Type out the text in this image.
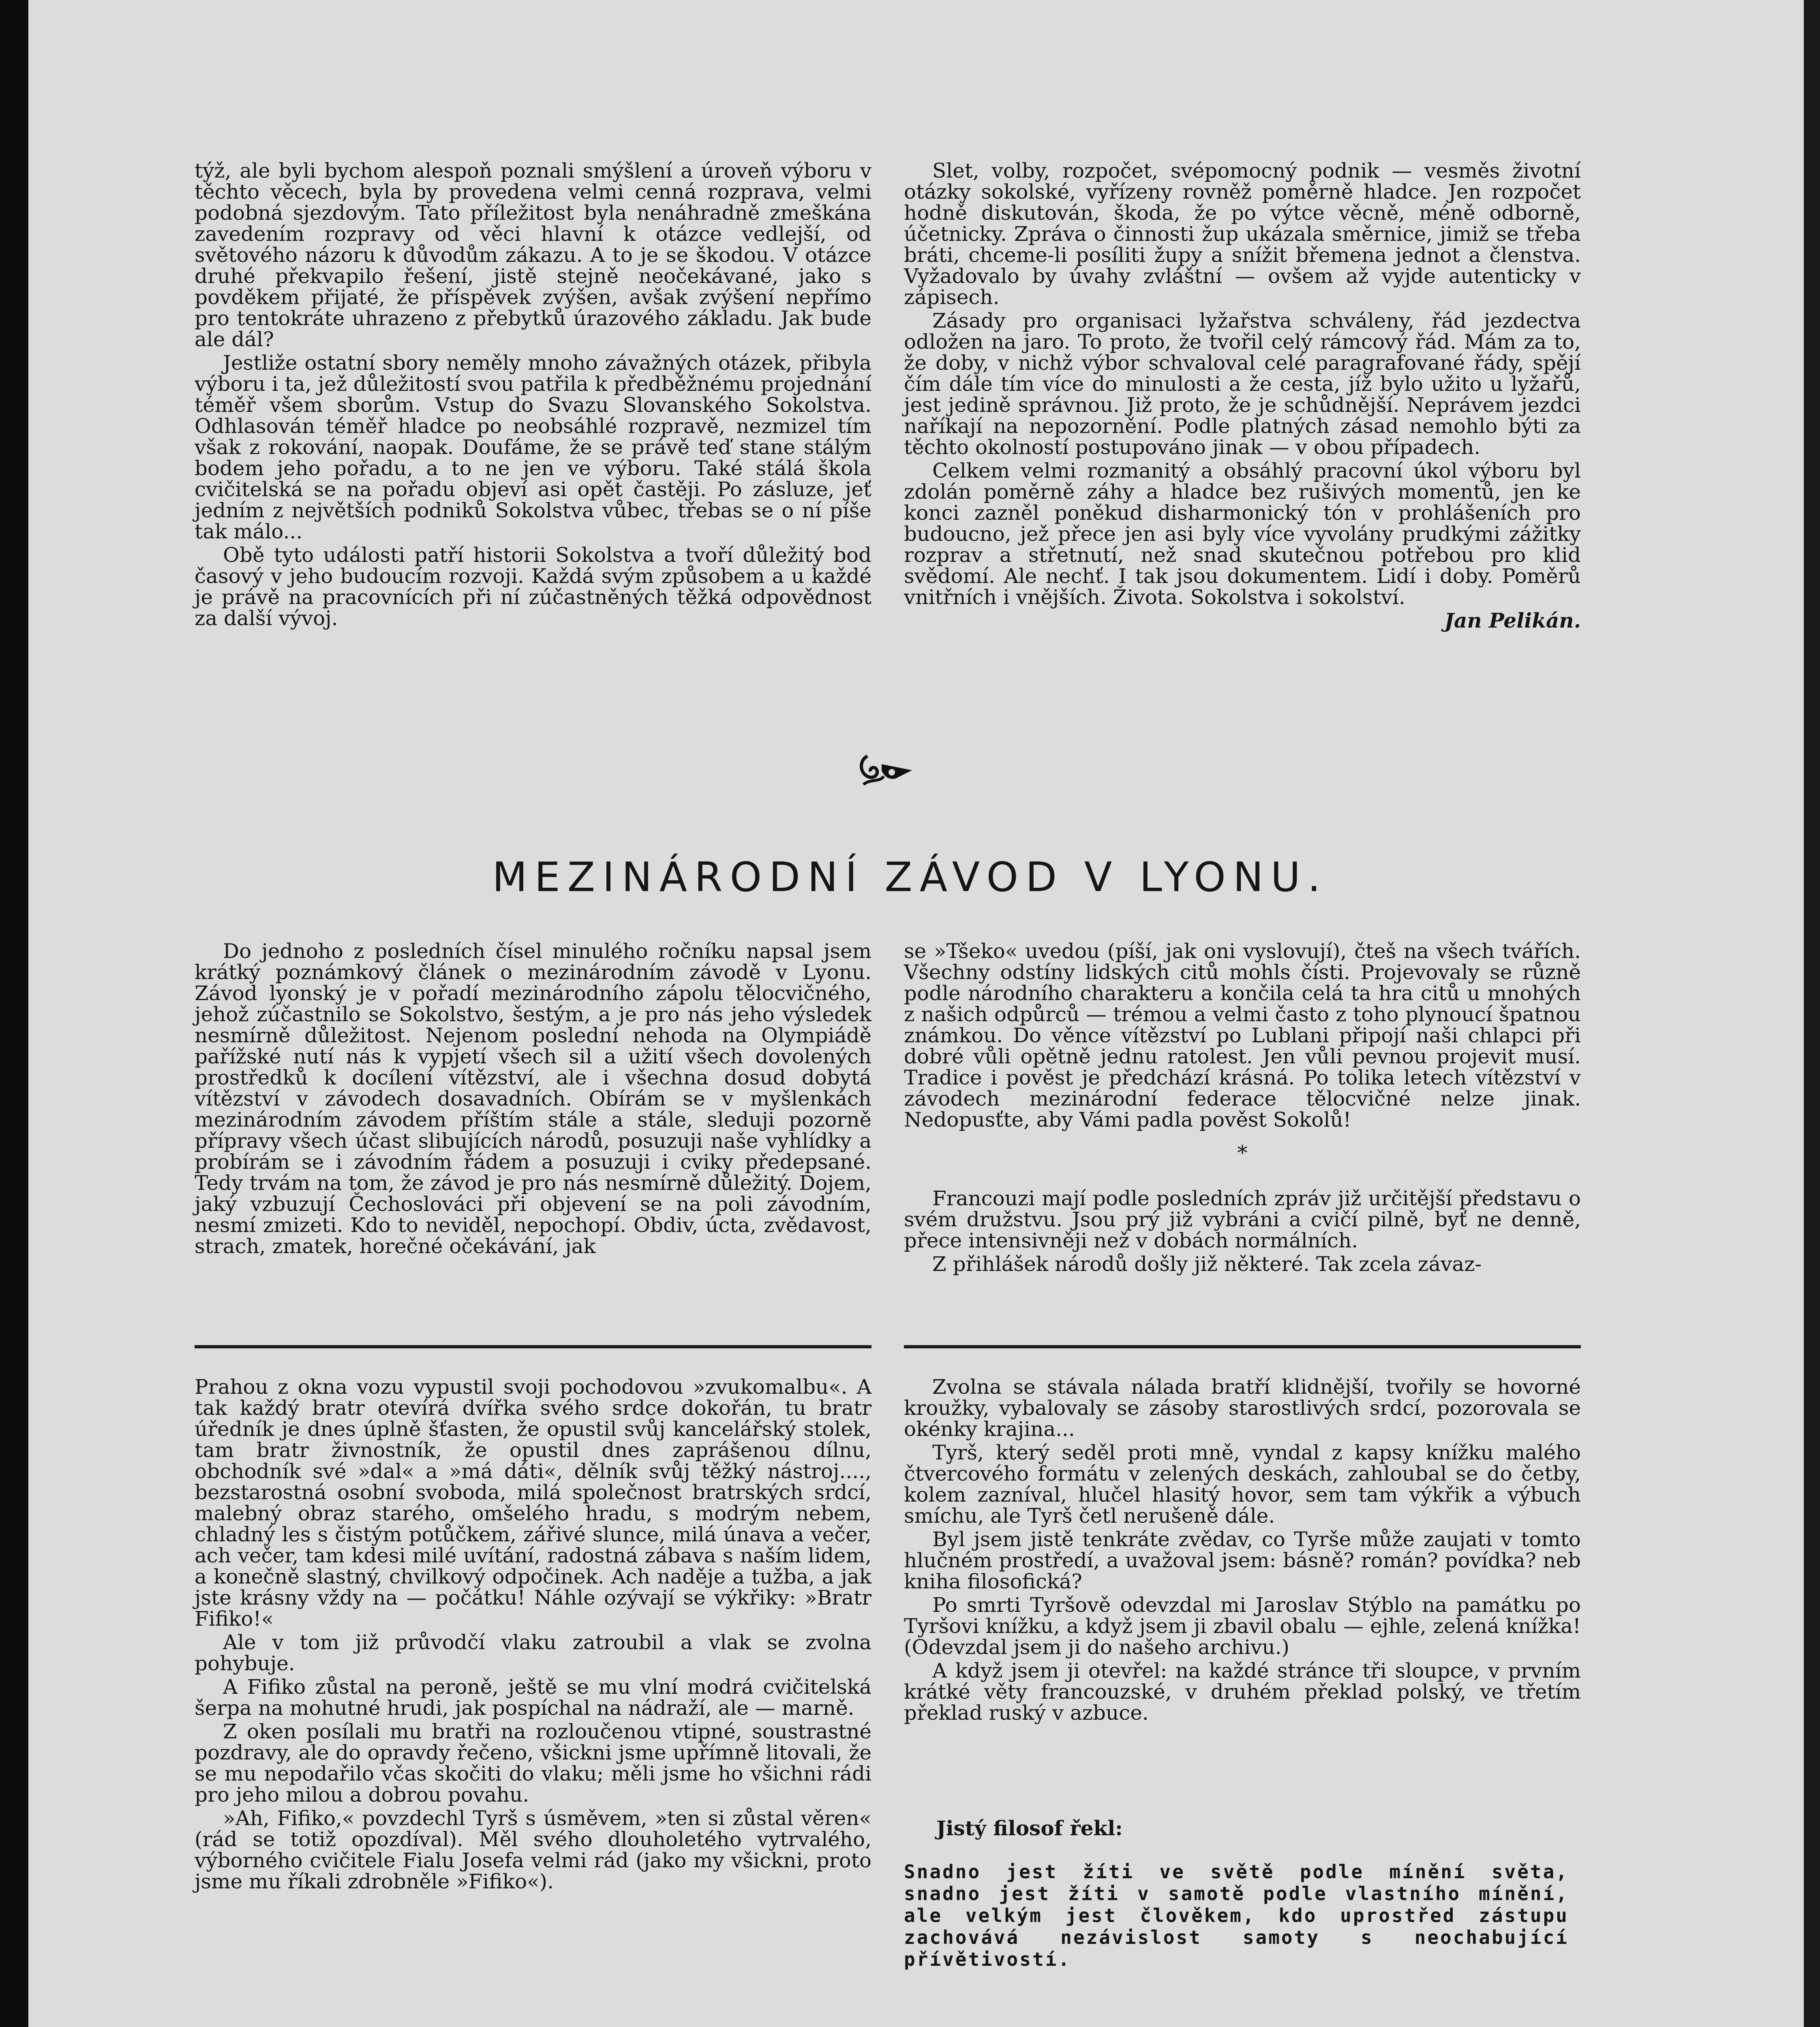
týž, ale byli bychom alespoň poznali smýšlení a úroveň výboru v těchto věcech, byla by provedena velmi cenná rozprava, velmi podobná sjezdovým. Tato příležitost byla nenáhradně zmeškána zavedením rozpravy od věci hlavní k otázce vedlejší, od světového názoru k důvodům zákazu. A to je se škodou. V otázce druhé překvapilo řešení, jistě stejně neočekávané, jako s povděkem přijaté, že příspěvek zvýšen, avšak zvýšení nepřímo pro tentokráte uhrazeno z přebytků úrazového základu. Jak bude ale dál?

Jestliže ostatní sbory neměly mnoho závažných otázek, přibyla výboru i ta, jež důležitostí svou patřila k předběžnému projednání téměř všem sborům. Vstup do Svazu Slovanského Sokolstva. Odhlasován téměř hladce po neobsáhlé rozpravě, nezmizel tím však z rokování, naopak. Doufáme, že se právě teď stane stálým bodem jeho pořadu, a to ne jen ve výboru. Také stálá škola cvičitelská se na pořadu objeví asi opět častěji. Po zásluze, jeť jedním z největších podniků Sokolstva vůbec, třebas se o ní píše tak málo...

Obě tyto události patří historii Sokolstva a tvoří důležitý bod časový v jeho budoucím rozvoji. Každá svým způsobem a u každé je právě na pracovnících při ní zúčastněných těžká odpovědnost za další vývoj.

Slet, volby, rozpočet, svépomocný podnik — vesměs životní otázky sokolské, vyřízeny rovněž poměrně hladce. Jen rozpočet hodně diskutován, škoda, že po výtce věcně, méně odborně, účetnicky. Zpráva o činnosti žup ukázala směrnice, jimiž se třeba bráti, chceme-li posíliti župy a snížit břemena jednot a členstva. Vyžadovalo by úvahy zvláštní — ovšem až vyjde autenticky v zápisech.

Zásady pro organisaci lyžařstva schváleny, řád jezdectva odložen na jaro. To proto, že tvořil celý rámcový řád. Mám za to, že doby, v nichž výbor schvaloval celé paragrafované řády, spějí čím dále tím více do minulosti a že cesta, jíž bylo užito u lyžařů, jest jedině správnou. Již proto, že je schůdnější. Neprávem jezdci naříkají na nepozornění. Podle platných zásad nemohlo býti za těchto okolností postupováno jinak — v obou případech.

Celkem velmi rozmanitý a obsáhlý pracovní úkol výboru byl zdolán poměrně záhy a hladce bez rušivých momentů, jen ke konci zazněl poněkud disharmonický tón v prohlášeních pro budoucno, jež přece jen asi byly více vyvolány prudkými zážitky rozprav a střetnutí, než snad skutečnou potřebou pro klid svědomí. Ale nechť. I tak jsou dokumentem. Lidí i doby. Poměrů vnitřních i vnějších. Života. Sokolstva i sokolství.

Jan Pelikán.

MEZINÁRODNÍ ZÁVOD V LYONU.

Do jednoho z posledních čísel minulého ročníku napsal jsem krátký poznámkový článek o mezinárodním závodě v Lyonu. Závod lyonský je v pořadí mezinárodního zápolu tělocvičného, jehož zúčastnilo se Sokolstvo, šestým, a je pro nás jeho výsledek nesmírně důležitost. Nejenom poslední nehoda na Olympiádě pařížské nutí nás k vypjetí všech sil a užití všech dovolených prostředků k docílení vítězství, ale i všechna dosud dobytá vítězství v závodech dosavadních. Obírám se v myšlenkách mezinárodním závodem příštím stále a stále, sleduji pozorně přípravy všech účast slibujících národů, posuzuji naše vyhlídky a probírám se i závodním řádem a posuzuji i cviky předepsané. Tedy trvám na tom, že závod je pro nás nesmírně důležitý. Dojem, jaký vzbuzují Čechoslováci při objevení se na poli závodním, nesmí zmizeti. Kdo to neviděl, nepochopí. Obdiv, úcta, zvědavost, strach, zmatek, horečné očekávání, jak

se »Tšeko« uvedou (píší, jak oni vyslovují), čteš na všech tvářích. Všechny odstíny lidských citů mohls čísti. Projevovaly se různě podle národního charakteru a končila celá ta hra citů u mnohých z našich odpůrců — trémou a velmi často z toho plynoucí špatnou známkou. Do věnce vítězství po Lublani připojí naši chlapci při dobré vůli opětně jednu ratolest. Jen vůli pevnou projevit musí. Tradice i pověst je předchází krásná. Po tolika letech vítězství v závodech mezinárodní federace tělocvičné nelze jinak. Nedopusťte, aby Vámi padla pověst Sokolů!

*

Francouzi mají podle posledních zpráv již určitější představu o svém družstvu. Jsou prý již vybráni a cvičí pilně, byť ne denně, přece intensivněji než v dobách normálních.

Z přihlášek národů došly již některé. Tak zcela závaz-

Prahou z okna vozu vypustil svoji pochodovou »zvukomalbu«. A tak každý bratr otevírá dvířka svého srdce dokořán, tu bratr úředník je dnes úplně šťasten, že opustil svůj kancelářský stolek, tam bratr živnostník, že opustil dnes zaprášenou dílnu, obchodník své »dal« a »má dáti«, dělník svůj těžký nástroj...., bezstarostná osobní svoboda, milá společnost bratrských srdcí, malebný obraz starého, omšelého hradu, s modrým nebem, chladný les s čistým potůčkem, zářivé slunce, milá únava a večer, ach večer, tam kdesi milé uvítání, radostná zábava s naším lidem, a konečně slastný, chvilkový odpočinek. Ach naděje a tužba, a jak jste krásny vždy na — počátku! Náhle ozývají se výkřiky: »Bratr Fifiko!«

Ale v tom již průvodčí vlaku zatroubil a vlak se zvolna pohybuje.

A Fifiko zůstal na peroně, ještě se mu vlní modrá cvičitelská šerpa na mohutné hrudi, jak pospíchal na nádraží, ale — marně.

Z oken posílali mu bratři na rozloučenou vtipné, soustrastné pozdravy, ale do opravdy řečeno, všickni jsme upřímně litovali, že se mu nepodařilo včas skočiti do vlaku; měli jsme ho všichni rádi pro jeho milou a dobrou povahu.

»Ah, Fifiko,« povzdechl Tyrš s úsměvem, »ten si zůstal věren« (rád se totiž opozdíval). Měl svého dlouholetého vytrvalého, výborného cvičitele Fialu Josefa velmi rád (jako my všickni, proto jsme mu říkali zdrobněle »Fifiko«).

Zvolna se stávala nálada bratří klidnější, tvořily se hovorné kroužky, vybalovaly se zásoby starostlivých srdcí, pozorovala se okénky krajina...

Tyrš, který seděl proti mně, vyndal z kapsy knížku malého čtvercového formátu v zelených deskách, zahloubal se do četby, kolem zazníval, hlučel hlasitý hovor, sem tam výkřik a výbuch smíchu, ale Tyrš četl nerušeně dále.

Byl jsem jistě tenkráte zvědav, co Tyrše může zaujati v tomto hlučném prostředí, a uvažoval jsem: básně? román? povídka? neb kniha filosofická?

Po smrti Tyršově odevzdal mi Jaroslav Stýblo na památku po Tyršovi knížku, a když jsem ji zbavil obalu — ejhle, zelená knížka! (Odevzdal jsem ji do našeho archivu.)

A když jsem ji otevřel: na každé stránce tři sloupce, v prvním krátké věty francouzské, v druhém překlad polský, ve třetím překlad ruský v azbuce.

Jistý filosof řekl:
Snadno jest žíti ve světě podle mínění světa, snadno jest žíti v samotě podle vlastního mínění, ale velkým jest člověkem, kdo uprostřed zástupu zachovává nezávislost samoty s neochabující přívětivostí.
